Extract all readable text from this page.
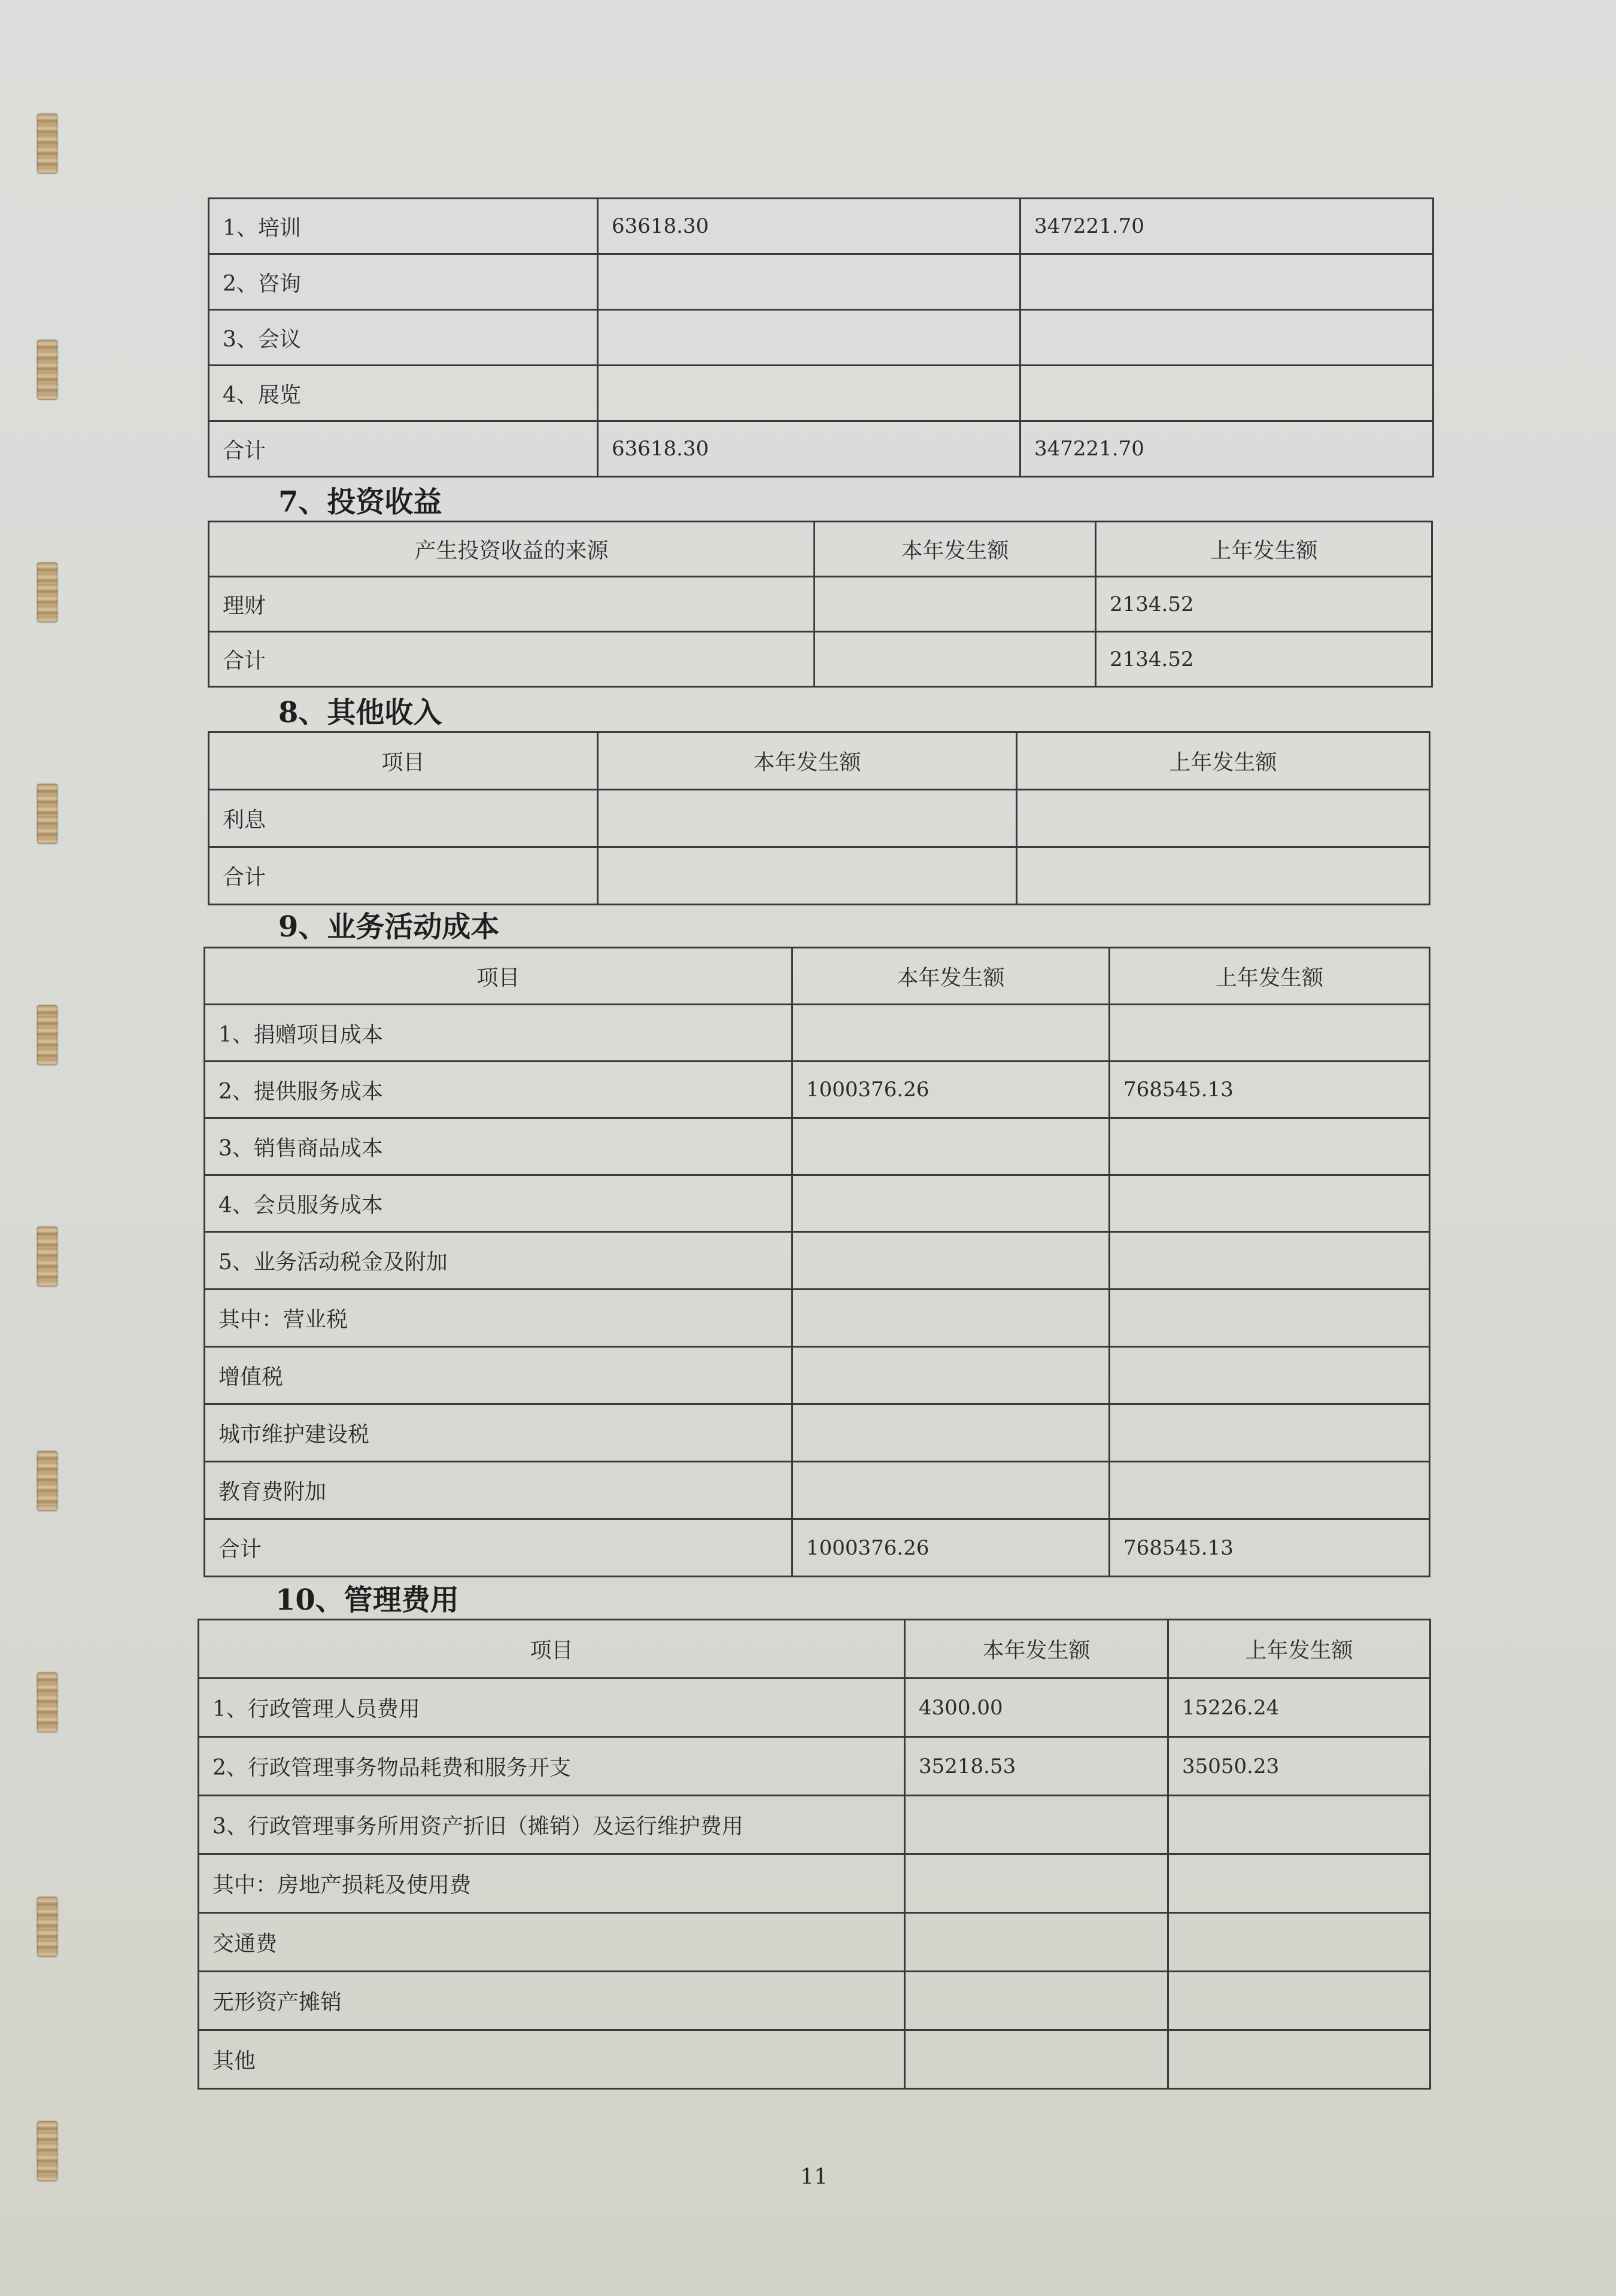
1、培训	63618.30	347221.70
2、咨询		
3、会议		
4、展览		
合计	63618.30	347221.70
7、投资收益
产生投资收益的来源	本年发生额	上年发生额
理财		2134.52
合计		2134.52
8、其他收入
项目	本年发生额	上年发生额
利息		
合计		
9、业务活动成本
项目	本年发生额	上年发生额
1、捐赠项目成本		
2、提供服务成本	1000376.26	768545.13
3、销售商品成本		
4、会员服务成本		
5、业务活动税金及附加		
其中：营业税		
增值税		
城市维护建设税		
教育费附加		
合计	1000376.26	768545.13
10、管理费用
项目	本年发生额	上年发生额
1、行政管理人员费用	4300.00	15226.24
2、行政管理事务物品耗费和服务开支	35218.53	35050.23
3、行政管理事务所用资产折旧（摊销）及运行维护费用		
其中：房地产损耗及使用费		
交通费		
无形资产摊销		
其他		
11
